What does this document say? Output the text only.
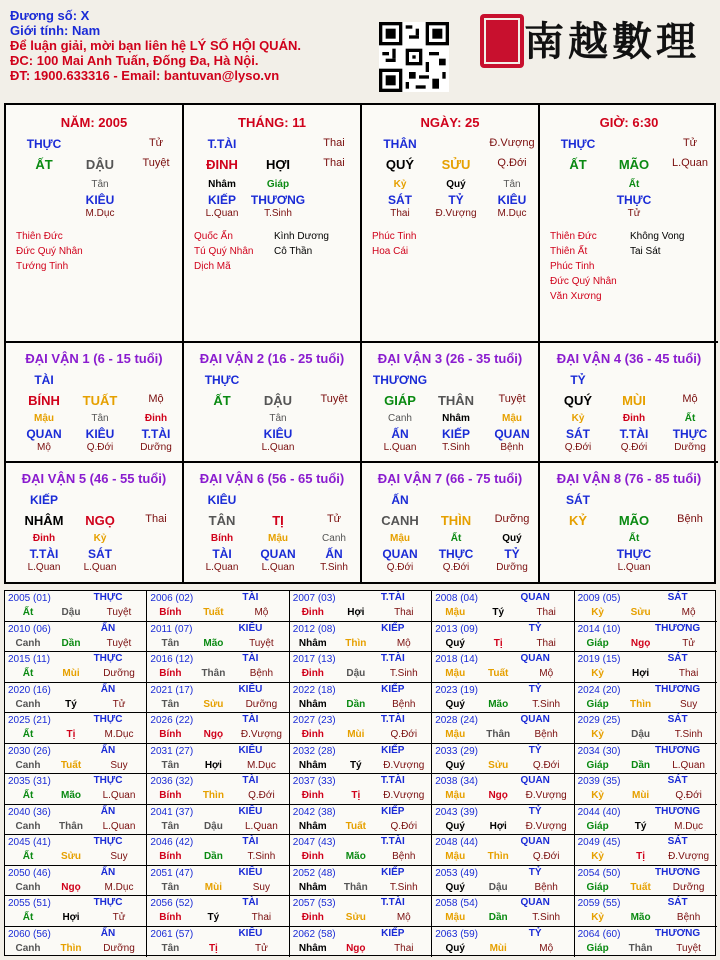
Đương số: X
Giới tính: Nam
Để luận giải, mời bạn liên hệ LÝ SỐ HỘI QUÁN.
ĐC: 100 Mai Anh Tuấn, Đống Đa, Hà Nội.
ĐT: 1900.633316 - Email: bantuvan@lyso.vn
南越數理
NĂM: 2005
THỰC	Tử
ẤT	DẬU	Tuyệt
Tân
KIÊU
M.Dục
Thiên Đức
Đức Quý Nhân
Tướng Tinh
THÁNG: 11
T.TÀI	Thai
ĐINH	HỢI	Thai
Nhâm	Giáp
KIẾP	THƯƠNG
L.Quan	T.Sinh
Quốc Ấn
Tú Quý Nhân
Dịch Mã
Kình Dương
Cô Thần
NGÀY: 25
THÂN	Đ.Vượng
QUÝ	SỬU	Q.Đới
Kỷ	Quý	Tân
SÁT	TỶ	KIÊU
Thai	Đ.Vượng	M.Dục
Phúc Tinh
Hoa Cái
GIỜ: 6:30
THỰC	Tử
ẤT	MÃO	L.Quan
Ất
THỰC
Tử
Thiên Đức
Thiên Ất
Phúc Tinh
Đức Quý Nhân
Văn Xương
Không Vong
Tai Sát
ĐẠI VẬN 1 (6 - 15 tuổi)
TÀI
BÍNH	TUẤT	Mộ
Mậu	Tân	Đinh
QUAN	KIÊU	T.TÀI
Mộ	Q.Đới	Dưỡng
ĐẠI VẬN 2 (16 - 25 tuổi)
THỰC
ẤT	DẬU	Tuyệt
Tân
KIÊU
L.Quan
ĐẠI VẬN 3 (26 - 35 tuổi)
THƯƠNG
GIÁP	THÂN	Tuyệt
Canh	Nhâm	Mậu
ẤN	KIẾP	QUAN
L.Quan	T.Sinh	Bệnh
ĐẠI VẬN 4 (36 - 45 tuổi)
TỶ
QUÝ	MÙI	Mộ
Kỷ	Đinh	Ất
SÁT	T.TÀI	THỰC
Q.Đới	Q.Đới	Dưỡng
ĐẠI VẬN 5 (46 - 55 tuổi)
KIẾP
NHÂM	NGỌ	Thai
Đinh	Kỷ
T.TÀI	SÁT
L.Quan	L.Quan
ĐẠI VẬN 6 (56 - 65 tuổi)
KIÊU
TÂN	TỊ	Tử
Bính	Mậu	Canh
TÀI	QUAN	ẤN
L.Quan	L.Quan	T.Sinh
ĐẠI VẬN 7 (66 - 75 tuổi)
ẤN
CANH	THÌN	Dưỡng
Mậu	Ất	Quý
QUAN	THỰC	TỶ
Q.Đới	Q.Đới	Dưỡng
ĐẠI VẬN 8 (76 - 85 tuổi)
SÁT
KỶ	MÃO	Bệnh
Ất
THỰC
L.Quan
2005 (01)	THỰC
Ất	Dậu	Tuyệt
2006 (02)	TÀI
Bính	Tuất	Mộ
2007 (03)	T.TÀI
Đinh	Hợi	Thai
2008 (04)	QUAN
Mậu	Tý	Thai
2009 (05)	SÁT
Kỷ	Sửu	Mộ
2010 (06)	ẤN
Canh	Dần	Tuyệt
2011 (07)	KIÊU
Tân	Mão	Tuyệt
2012 (08)	KIẾP
Nhâm	Thìn	Mộ
2013 (09)	TỶ
Quý	Tị	Thai
2014 (10)	THƯƠNG
Giáp	Ngọ	Tử
2015 (11)	THỰC
Ất	Mùi	Dưỡng
2016 (12)	TÀI
Bính	Thân	Bệnh
2017 (13)	T.TÀI
Đinh	Dậu	T.Sinh
2018 (14)	QUAN
Mậu	Tuất	Mộ
2019 (15)	SÁT
Kỷ	Hợi	Thai
2020 (16)	ẤN
Canh	Tý	Tử
2021 (17)	KIÊU
Tân	Sửu	Dưỡng
2022 (18)	KIẾP
Nhâm	Dần	Bệnh
2023 (19)	TỶ
Quý	Mão	T.Sinh
2024 (20)	THƯƠNG
Giáp	Thìn	Suy
2025 (21)	THỰC
Ất	Tị	M.Dục
2026 (22)	TÀI
Bính	Ngọ	Đ.Vượng
2027 (23)	T.TÀI
Đinh	Mùi	Q.Đới
2028 (24)	QUAN
Mậu	Thân	Bệnh
2029 (25)	SÁT
Kỷ	Dậu	T.Sinh
2030 (26)	ẤN
Canh	Tuất	Suy
2031 (27)	KIÊU
Tân	Hợi	M.Dục
2032 (28)	KIẾP
Nhâm	Tý	Đ.Vượng
2033 (29)	TỶ
Quý	Sửu	Q.Đới
2034 (30)	THƯƠNG
Giáp	Dần	L.Quan
2035 (31)	THỰC
Ất	Mão	L.Quan
2036 (32)	TÀI
Bính	Thìn	Q.Đới
2037 (33)	T.TÀI
Đinh	Tị	Đ.Vượng
2038 (34)	QUAN
Mậu	Ngọ	Đ.Vượng
2039 (35)	SÁT
Kỷ	Mùi	Q.Đới
2040 (36)	ẤN
Canh	Thân	L.Quan
2041 (37)	KIÊU
Tân	Dậu	L.Quan
2042 (38)	KIẾP
Nhâm	Tuất	Q.Đới
2043 (39)	TỶ
Quý	Hợi	Đ.Vượng
2044 (40)	THƯƠNG
Giáp	Tý	M.Dục
2045 (41)	THỰC
Ất	Sửu	Suy
2046 (42)	TÀI
Bính	Dần	T.Sinh
2047 (43)	T.TÀI
Đinh	Mão	Bệnh
2048 (44)	QUAN
Mậu	Thìn	Q.Đới
2049 (45)	SÁT
Kỷ	Tị	Đ.Vượng
2050 (46)	ẤN
Canh	Ngọ	M.Dục
2051 (47)	KIÊU
Tân	Mùi	Suy
2052 (48)	KIẾP
Nhâm	Thân	T.Sinh
2053 (49)	TỶ
Quý	Dậu	Bệnh
2054 (50)	THƯƠNG
Giáp	Tuất	Dưỡng
2055 (51)	THỰC
Ất	Hợi	Tử
2056 (52)	TÀI
Bính	Tý	Thai
2057 (53)	T.TÀI
Đinh	Sửu	Mộ
2058 (54)	QUAN
Mậu	Dần	T.Sinh
2059 (55)	SÁT
Kỷ	Mão	Bệnh
2060 (56)	ẤN
Canh	Thìn	Dưỡng
2061 (57)	KIÊU
Tân	Tị	Tử
2062 (58)	KIẾP
Nhâm	Ngọ	Thai
2063 (59)	TỶ
Quý	Mùi	Mộ
2064 (60)	THƯƠNG
Giáp	Thân	Tuyệt
